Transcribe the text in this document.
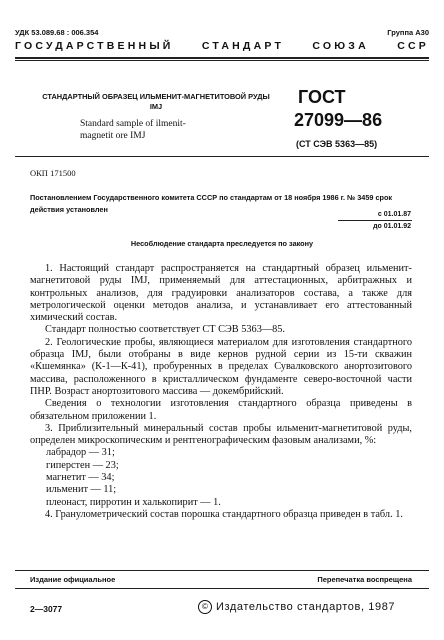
УДК 53.089.68 : 006.354	Группа А30
ГОСУДАРСТВЕННЫЙ	СТАНДАРТ	СОЮЗА	ССР
СТАНДАРТНЫЙ ОБРАЗЕЦ ИЛЬМЕНИТ-МАГНЕТИТОВОЙ РУДЫ IMJ
Standard sample of ilmenit-
magnetit ore IMJ
ГОСТ
27099—86
(СТ СЭВ 5363—85)
ОКП 171500
Постановлением Государственного комитета СССР по стандартам от 18 ноября 1986 г. № 3459 срок действия установлен
с 01.01.87
до 01.01.92
Несоблюдение стандарта преследуется по закону

1. Настоящий стандарт распространяется на стандартный образец ильменит-магнетитовой руды IMJ, применяемый для аттестационных, арбитражных и контрольных анализов, для градуировки анализаторов состава, а также для метрологической оценки методов анализа, и устанавливает его аттестованный химический состав.

Стандарт полностью соответствует СТ СЭВ 5363—85.

2. Геологические пробы, являющиеся материалом для изготовления стандартного образца IMJ, были отобраны в виде кернов рудной серии из 15-ти скважин «Кшемянка» (К-1—К-41), пробуренных в пределах Сувалковского анортозитового массива, расположенного в кристаллическом фундаменте северо-восточной части ПНР. Возраст анортозитового массива — докембрийский.

Сведения о технологии изготовления стандартного образца приведены в обязательном приложении 1.

3. Приблизительный минеральный состав пробы ильменит-магнетитовой руды, определен микроскопическим и рентгенографическим фазовым анализами, %:

лабрадор — 31;
гиперстен — 23;
магнетит — 34;
ильменит — 11;
плеонаст, пирротин и халькопирит — 1.

4. Гранулометрический состав порошка стандартного образца приведен в табл. 1.

Издание официальное	Перепечатка воспрещена
© Издательство стандартов, 1987
2—3077
